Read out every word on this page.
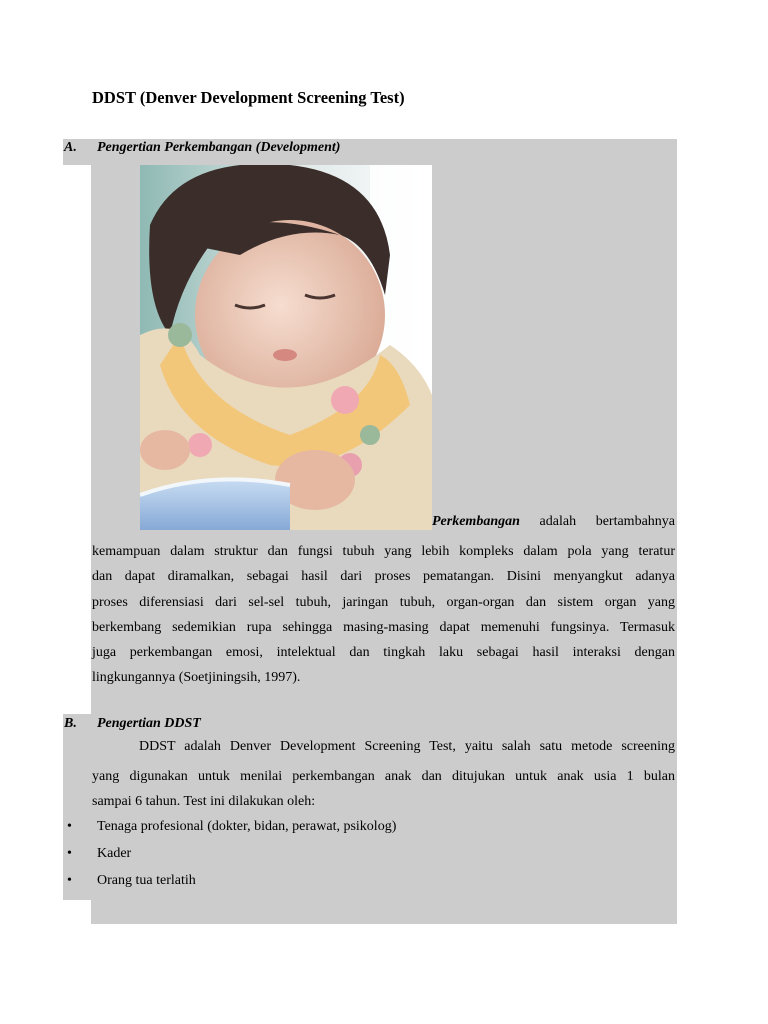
DDST (Denver Development Screening Test)
A. Pengertian Perkembangan (Development)
Perkembangan adalah bertambahnya
kemampuan dalam struktur dan fungsi tubuh yang lebih kompleks dalam pola yang teratur
dan dapat diramalkan, sebagai hasil dari proses pematangan. Disini menyangkut adanya
proses diferensiasi dari sel-sel tubuh, jaringan tubuh, organ-organ dan sistem organ yang
berkembang sedemikian rupa sehingga masing-masing dapat memenuhi fungsinya. Termasuk
juga perkembangan emosi, intelektual dan tingkah laku sebagai hasil interaksi dengan
lingkungannya (Soetjiningsih, 1997).
B. Pengertian DDST
DDST adalah Denver Development Screening Test, yaitu salah satu metode screening
yang digunakan untuk menilai perkembangan anak dan ditujukan untuk anak usia 1 bulan
sampai 6 tahun. Test ini dilakukan oleh:
• Tenaga profesional (dokter, bidan, perawat, psikolog)
• Kader
• Orang tua terlatih
